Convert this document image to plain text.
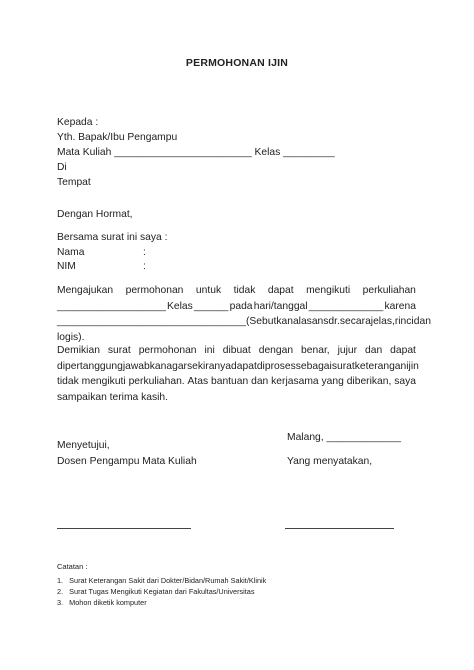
PERMOHONAN IJIN
Kepada :
Yth. Bapak/Ibu Pengampu
Mata Kuliah ________________________ Kelas _________
Di
Tempat
Dengan Hormat,
Bersama surat ini saya :
Nama	:
NIM	:
Mengajukan permohonan untuk tidak dapat mengikuti perkuliahan
___________________ Kelas ______ pada hari/tanggal _____________ karena
_________________________________ (Sebutkan alasan sdr. secara jelas, rinci dan
logis).
Demikian surat permohonan ini dibuat dengan benar, jujur dan dapat
dipertanggungjawabkan agar sekiranya dapat diproses sebagai surat keterangan ijin
tidak mengikuti perkuliahan. Atas bantuan dan kerjasama yang diberikan, saya
sampaikan terima kasih.
Malang, _____________
Menyetujui,
Dosen Pengampu Mata Kuliah	Yang menyatakan,
Catatan :
1.   Surat Keterangan Sakit dari Dokter/Bidan/Rumah Sakit/Klinik
2.   Surat Tugas Mengikuti Kegiatan dari Fakultas/Universitas
3.   Mohon diketik komputer
